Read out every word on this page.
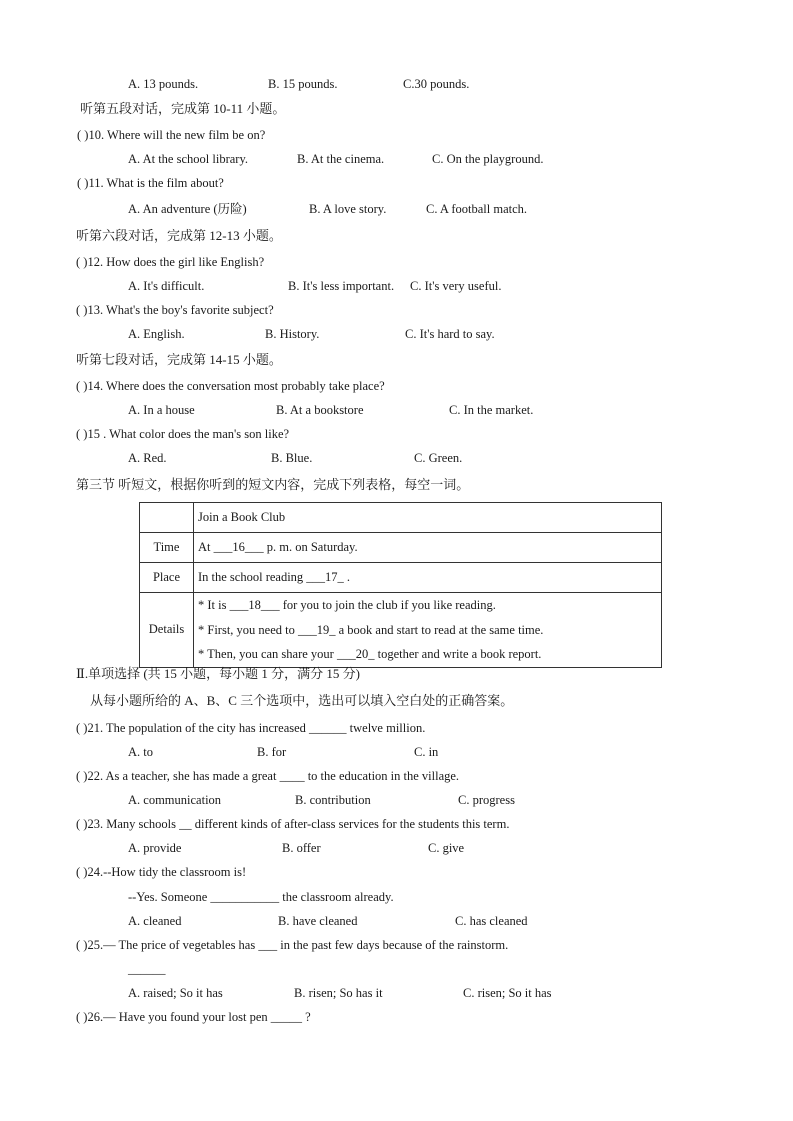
A. 13 pounds.	B. 15 pounds.	C.30 pounds.
听第五段对话，完成第 10-11 小题。
( )10. Where will the new film be on?
A. At the school library.	B. At the cinema.	C. On the playground.
( )11. What is the film about?
A. An adventure (历险)	B. A love story.	C. A football match.
听第六段对话，完成第 12-13 小题。
( )12. How does the girl like English?
A. It's difficult.	B. It's less important. C. It's very useful.
( )13. What's the boy's favorite subject?
A. English.	B. History.	C. It's hard to say.
听第七段对话，完成第 14-15 小题。
( )14. Where does the conversation most probably take place?
A. In a house	B. At a bookstore	C. In the market.
( )15 . What color does the man's son like?
A. Red.	B. Blue.	C. Green.
第三节 听短文，根据你听到的短文内容，完成下列表格，每空一词。
	Join a Book Club
Time	At ___16___ p. m. on Saturday.
Place	In the school reading ___17_ .
Details	* It is ___18___ for you to join the club if you like reading.
* First, you need to ___19_ a book and start to read at the same time.
* Then, you can share your ___20_ together and write a book report.
Ⅱ.单项选择 (共 15 小题，每小题 1 分，满分 15 分)
从每小题所给的 A、B、C 三个选项中，选出可以填入空白处的正确答案。
( )21. The population of the city has increased ______ twelve million.
A. to	B. for	C. in
( )22. As a teacher, she has made a great ____ to the education in the village.
A. communication	B. contribution	C. progress
( )23. Many schools __ different kinds of after-class services for the students this term.
A. provide	B. offer	C. give
( )24.--How tidy the classroom is!
--Yes. Someone ___________ the classroom already.
A. cleaned	B. have cleaned	C. has cleaned
( )25.— The price of vegetables has ___ in the past few days because of the rainstorm.
______
A. raised; So it has	B. risen; So has it	C. risen; So it has
( )26.— Have you found your lost pen _____ ?
